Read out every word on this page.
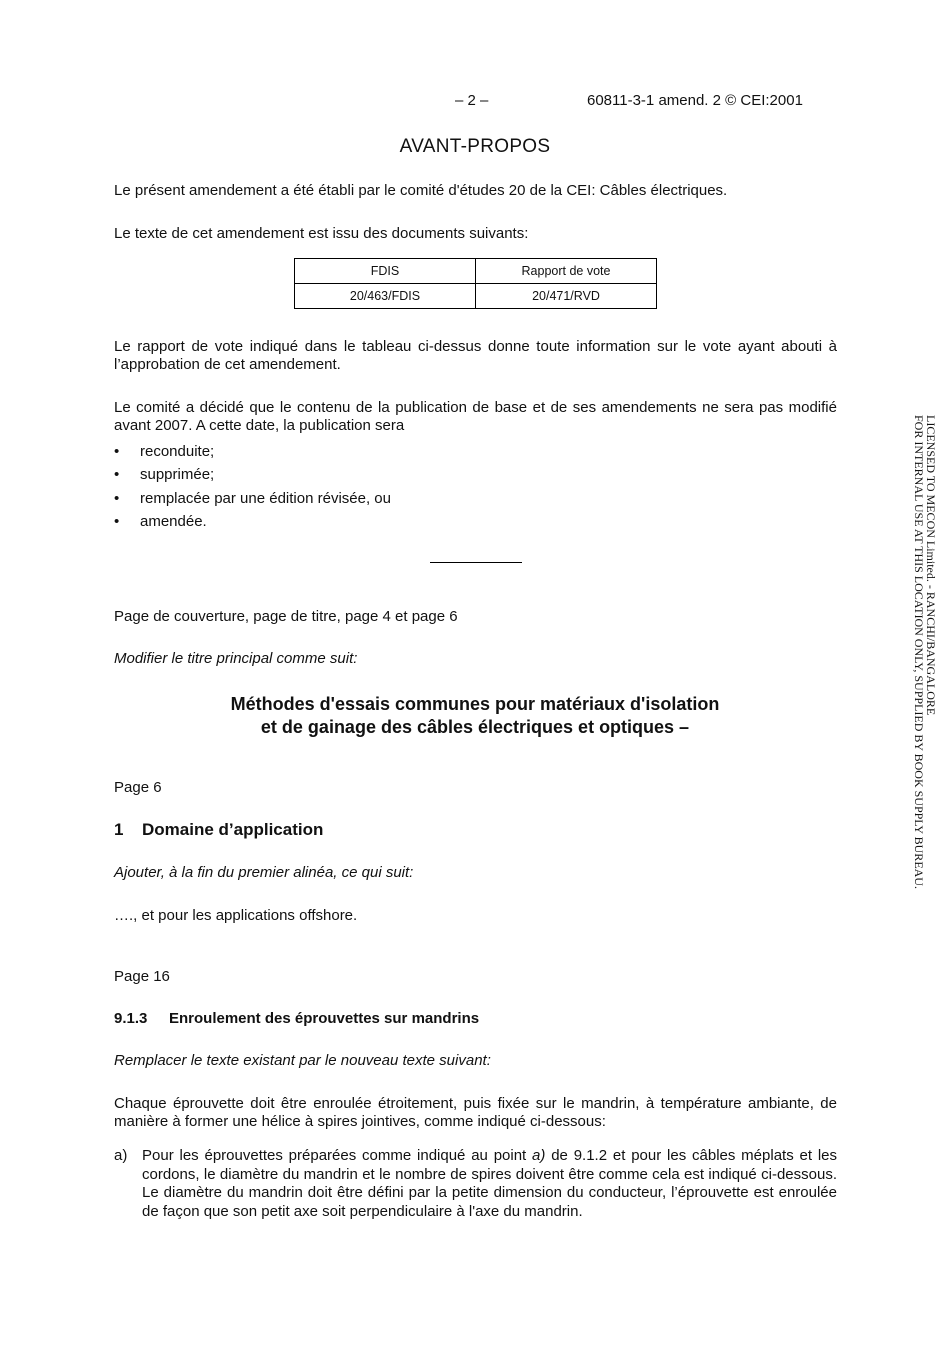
– 2 –	60811-3-1 amend. 2 © CEI:2001
AVANT-PROPOS
Le présent amendement a été établi par le comité d'études 20 de la CEI: Câbles électriques.
Le texte de cet amendement est issu des documents suivants:
FDIS	Rapport de vote
20/463/FDIS	20/471/RVD
Le rapport de vote indiqué dans le tableau ci-dessus donne toute information sur le vote ayant abouti à l’approbation de cet amendement.
Le comité a décidé que le contenu de la publication de base et de ses amendements ne sera pas modifié avant 2007. A cette date, la publication sera
• reconduite;
• supprimée;
• remplacée par une édition révisée, ou
• amendée.
Page de couverture, page de titre, page 4 et page 6
Modifier le titre principal comme suit:
Méthodes d'essais communes pour matériaux d'isolation
et de gainage des câbles électriques et optiques –
Page 6
1 Domaine d’application
Ajouter, à la fin du premier alinéa, ce qui suit:
…., et pour les applications offshore.
Page 16
9.1.3 Enroulement des éprouvettes sur mandrins
Remplacer le texte existant par le nouveau texte suivant:
Chaque éprouvette doit être enroulée étroitement, puis fixée sur le mandrin, à température ambiante, de manière à former une hélice à spires jointives, comme indiqué ci-dessous:
a) Pour les éprouvettes préparées comme indiqué au point a) de 9.1.2 et pour les câbles méplats et les cordons, le diamètre du mandrin et le nombre de spires doivent être comme cela est indiqué ci-dessous. Le diamètre du mandrin doit être défini par la petite dimension du conducteur, l’éprouvette est enroulée de façon que son petit axe soit perpendiculaire à l'axe du mandrin.
LICENSED TO MECON Limited. - RANCHI/BANGALORE
FOR INTERNAL USE AT THIS LOCATION ONLY, SUPPLIED BY BOOK SUPPLY BUREAU.
